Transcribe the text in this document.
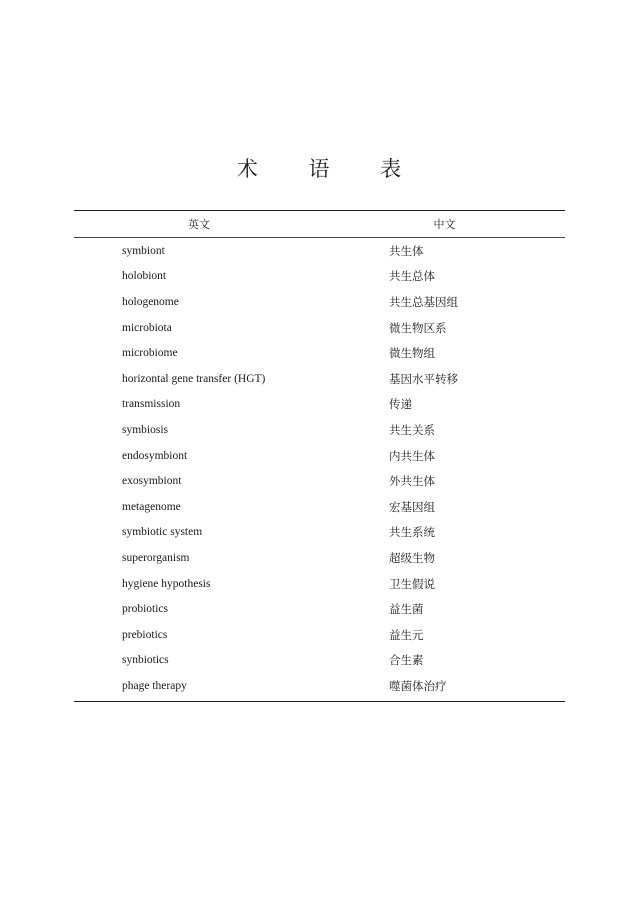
术 语 表
英文	中文
symbiont	共生体
holobiont	共生总体
hologenome	共生总基因组
microbiota	微生物区系
microbiome	微生物组
horizontal gene transfer (HGT)	基因水平转移
transmission	传递
symbiosis	共生关系
endosymbiont	内共生体
exosymbiont	外共生体
metagenome	宏基因组
symbiotic system	共生系统
superorganism	超级生物
hygiene hypothesis	卫生假说
probiotics	益生菌
prebiotics	益生元
synbiotics	合生素
phage therapy	噬菌体治疗
